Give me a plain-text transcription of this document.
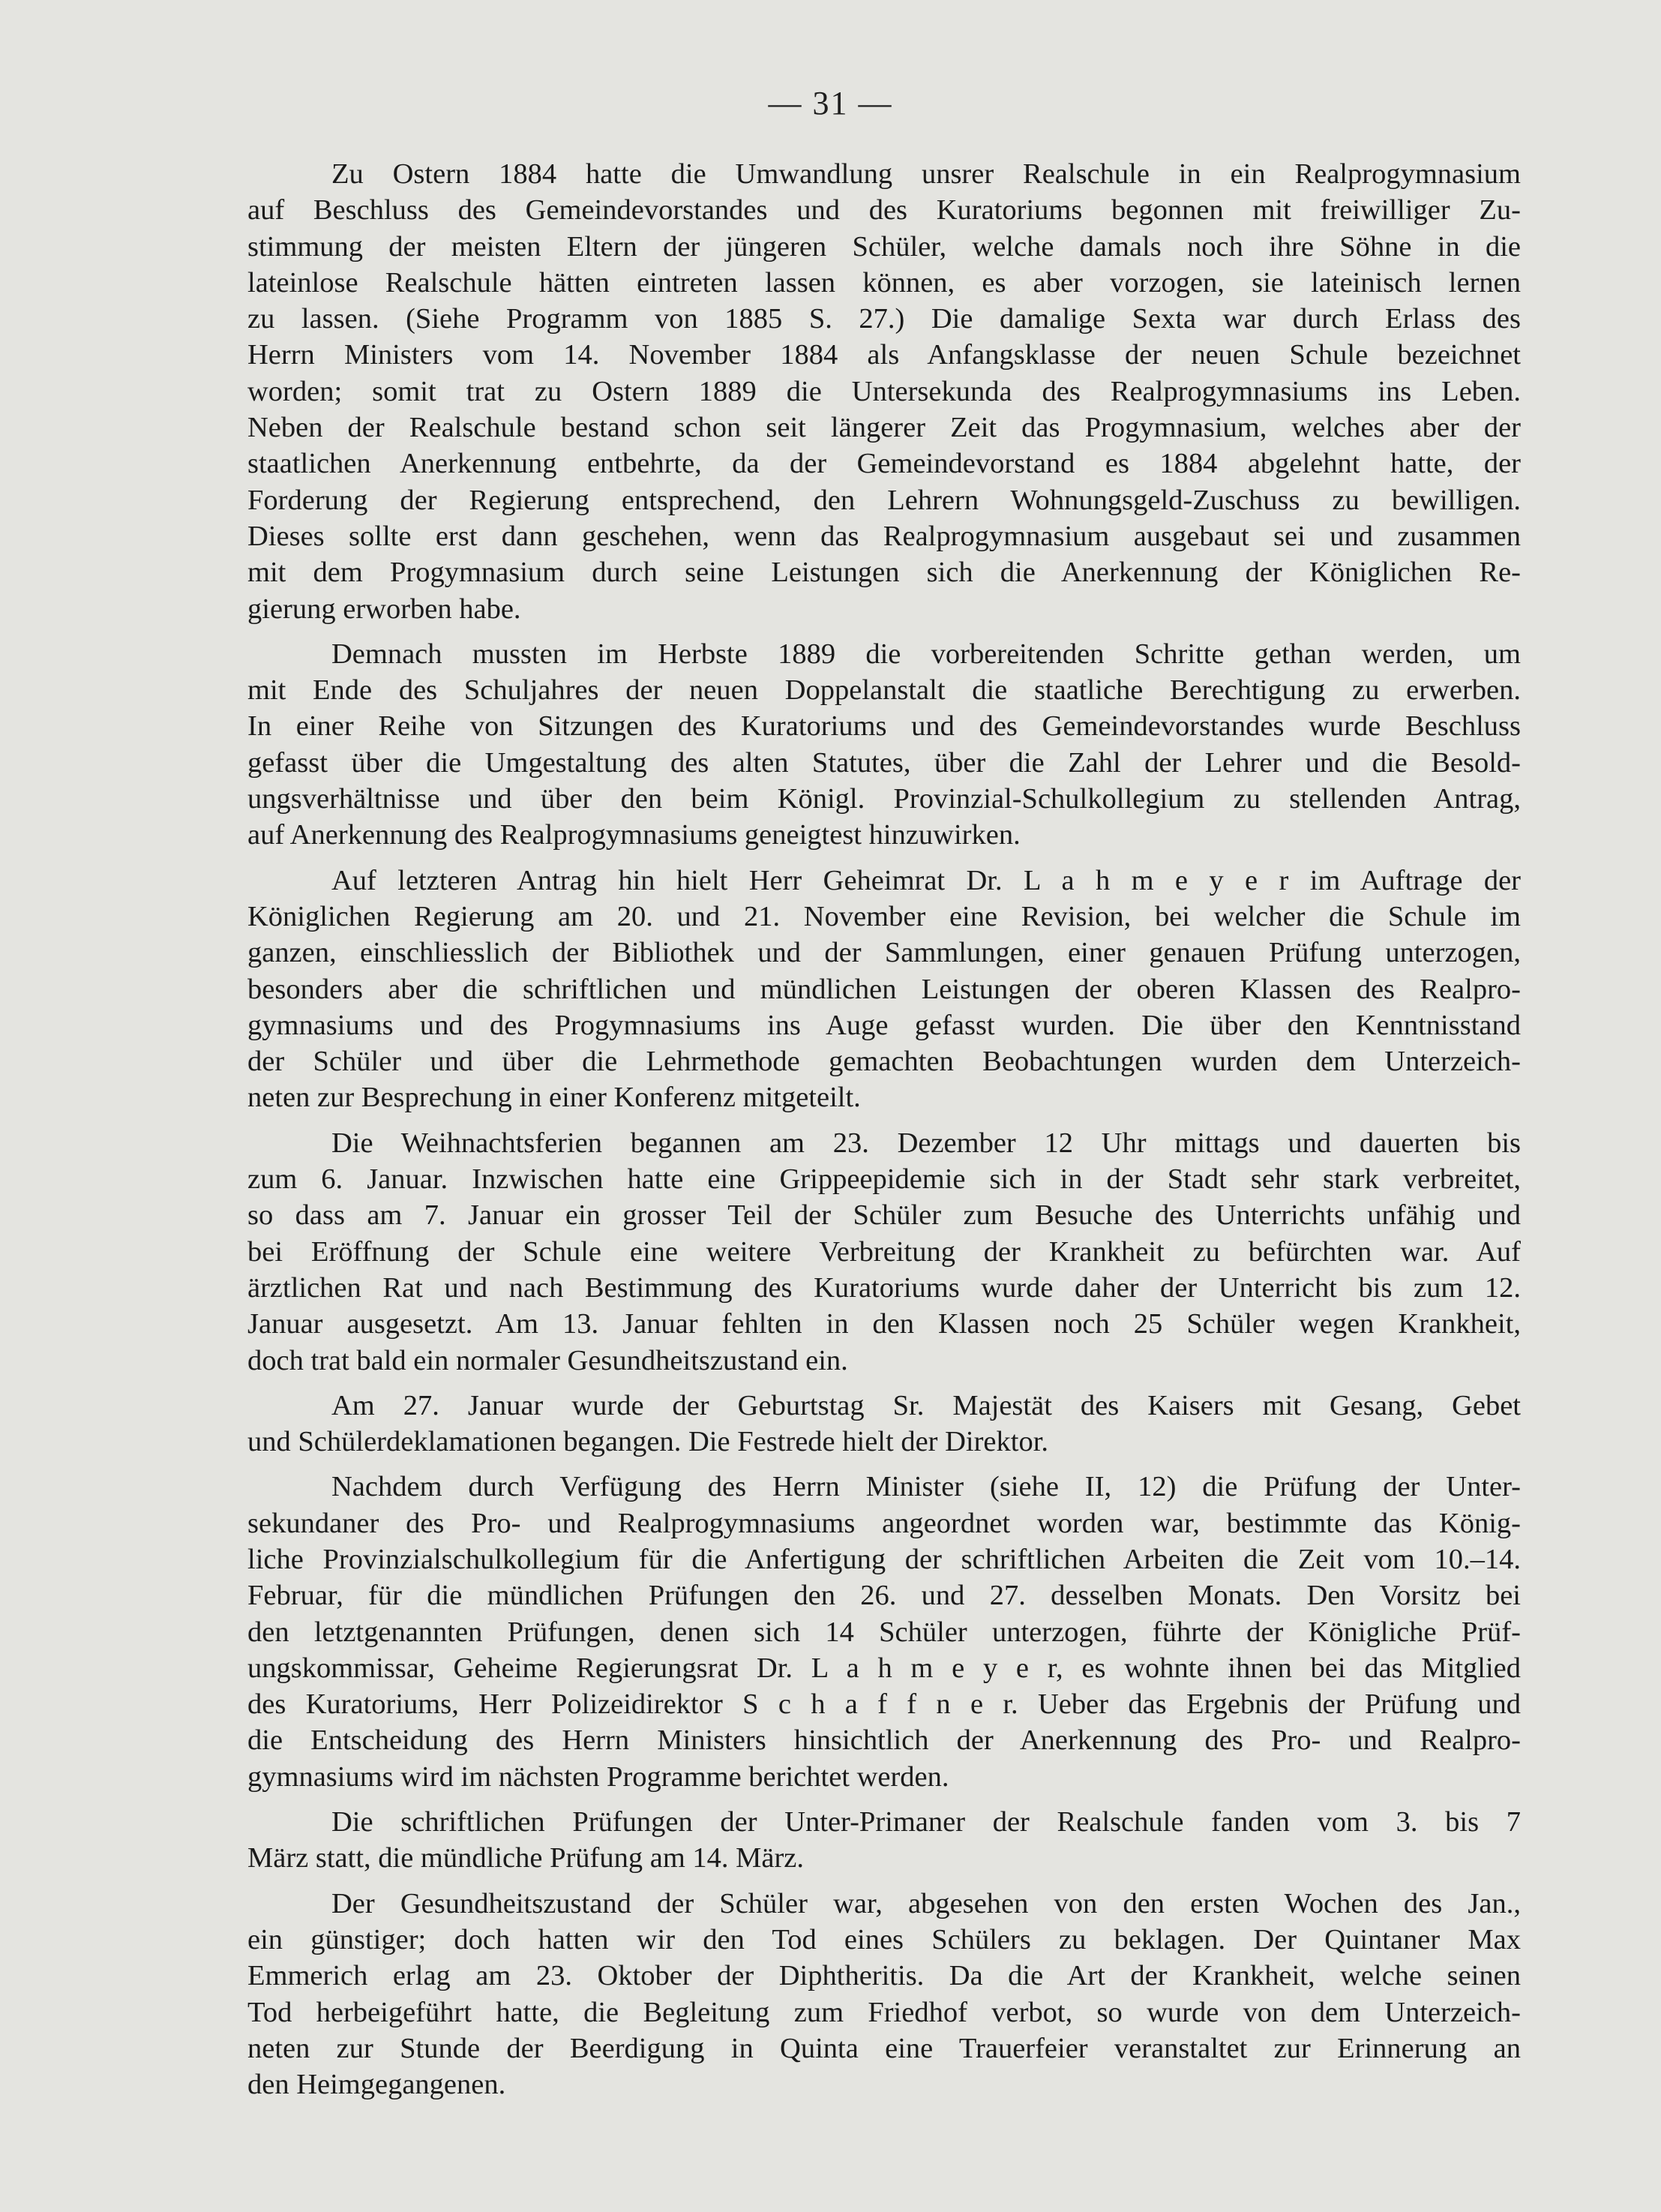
— 31 —
Zu Ostern 1884 hatte die Umwandlung unsrer Realschule in ein Realprogymnasium
auf Beschluss des Gemeindevorstandes und des Kuratoriums begonnen mit freiwilliger Zu-
stimmung der meisten Eltern der jüngeren Schüler, welche damals noch ihre Söhne in die
lateinlose Realschule hätten eintreten lassen können, es aber vorzogen, sie lateinisch lernen
zu lassen. (Siehe Programm von 1885 S. 27.) Die damalige Sexta war durch Erlass des
Herrn Ministers vom 14. November 1884 als Anfangsklasse der neuen Schule bezeichnet
worden; somit trat zu Ostern 1889 die Untersekunda des Realprogymnasiums ins Leben.
Neben der Realschule bestand schon seit längerer Zeit das Progymnasium, welches aber der
staatlichen Anerkennung entbehrte, da der Gemeindevorstand es 1884 abgelehnt hatte, der
Forderung der Regierung entsprechend, den Lehrern Wohnungsgeld-Zuschuss zu bewilligen.
Dieses sollte erst dann geschehen, wenn das Realprogymnasium ausgebaut sei und zusammen
mit dem Progymnasium durch seine Leistungen sich die Anerkennung der Königlichen Re-
gierung erworben habe.
Demnach mussten im Herbste 1889 die vorbereitenden Schritte gethan werden, um
mit Ende des Schuljahres der neuen Doppelanstalt die staatliche Berechtigung zu erwerben.
In einer Reihe von Sitzungen des Kuratoriums und des Gemeindevorstandes wurde Beschluss
gefasst über die Umgestaltung des alten Statutes, über die Zahl der Lehrer und die Besold-
ungsverhältnisse und über den beim Königl. Provinzial-Schulkollegium zu stellenden Antrag,
auf Anerkennung des Realprogymnasiums geneigtest hinzuwirken.
Auf letzteren Antrag hin hielt Herr Geheimrat Dr. L a h m e y e r im Auftrage der
Königlichen Regierung am 20. und 21. November eine Revision, bei welcher die Schule im
ganzen, einschliesslich der Bibliothek und der Sammlungen, einer genauen Prüfung unterzogen,
besonders aber die schriftlichen und mündlichen Leistungen der oberen Klassen des Realpro-
gymnasiums und des Progymnasiums ins Auge gefasst wurden. Die über den Kenntnisstand
der Schüler und über die Lehrmethode gemachten Beobachtungen wurden dem Unterzeich-
neten zur Besprechung in einer Konferenz mitgeteilt.
Die Weihnachtsferien begannen am 23. Dezember 12 Uhr mittags und dauerten bis
zum 6. Januar. Inzwischen hatte eine Grippeepidemie sich in der Stadt sehr stark verbreitet,
so dass am 7. Januar ein grosser Teil der Schüler zum Besuche des Unterrichts unfähig und
bei Eröffnung der Schule eine weitere Verbreitung der Krankheit zu befürchten war. Auf
ärztlichen Rat und nach Bestimmung des Kuratoriums wurde daher der Unterricht bis zum 12.
Januar ausgesetzt. Am 13. Januar fehlten in den Klassen noch 25 Schüler wegen Krankheit,
doch trat bald ein normaler Gesundheitszustand ein.
Am 27. Januar wurde der Geburtstag Sr. Majestät des Kaisers mit Gesang, Gebet
und Schülerdeklamationen begangen. Die Festrede hielt der Direktor.
Nachdem durch Verfügung des Herrn Minister (siehe II, 12) die Prüfung der Unter-
sekundaner des Pro- und Realprogymnasiums angeordnet worden war, bestimmte das König-
liche Provinzialschulkollegium für die Anfertigung der schriftlichen Arbeiten die Zeit vom 10.–14.
Februar, für die mündlichen Prüfungen den 26. und 27. desselben Monats. Den Vorsitz bei
den letztgenannten Prüfungen, denen sich 14 Schüler unterzogen, führte der Königliche Prüf-
ungskommissar, Geheime Regierungsrat Dr. L a h m e y e r, es wohnte ihnen bei das Mitglied
des Kuratoriums, Herr Polizeidirektor S c h a f f n e r. Ueber das Ergebnis der Prüfung und
die Entscheidung des Herrn Ministers hinsichtlich der Anerkennung des Pro- und Realpro-
gymnasiums wird im nächsten Programme berichtet werden.
Die schriftlichen Prüfungen der Unter-Primaner der Realschule fanden vom 3. bis 7
März statt, die mündliche Prüfung am 14. März.
Der Gesundheitszustand der Schüler war, abgesehen von den ersten Wochen des Jan.,
ein günstiger; doch hatten wir den Tod eines Schülers zu beklagen. Der Quintaner Max
Emmerich erlag am 23. Oktober der Diphtheritis. Da die Art der Krankheit, welche seinen
Tod herbeigeführt hatte, die Begleitung zum Friedhof verbot, so wurde von dem Unterzeich-
neten zur Stunde der Beerdigung in Quinta eine Trauerfeier veranstaltet zur Erinnerung an
den Heimgegangenen.
